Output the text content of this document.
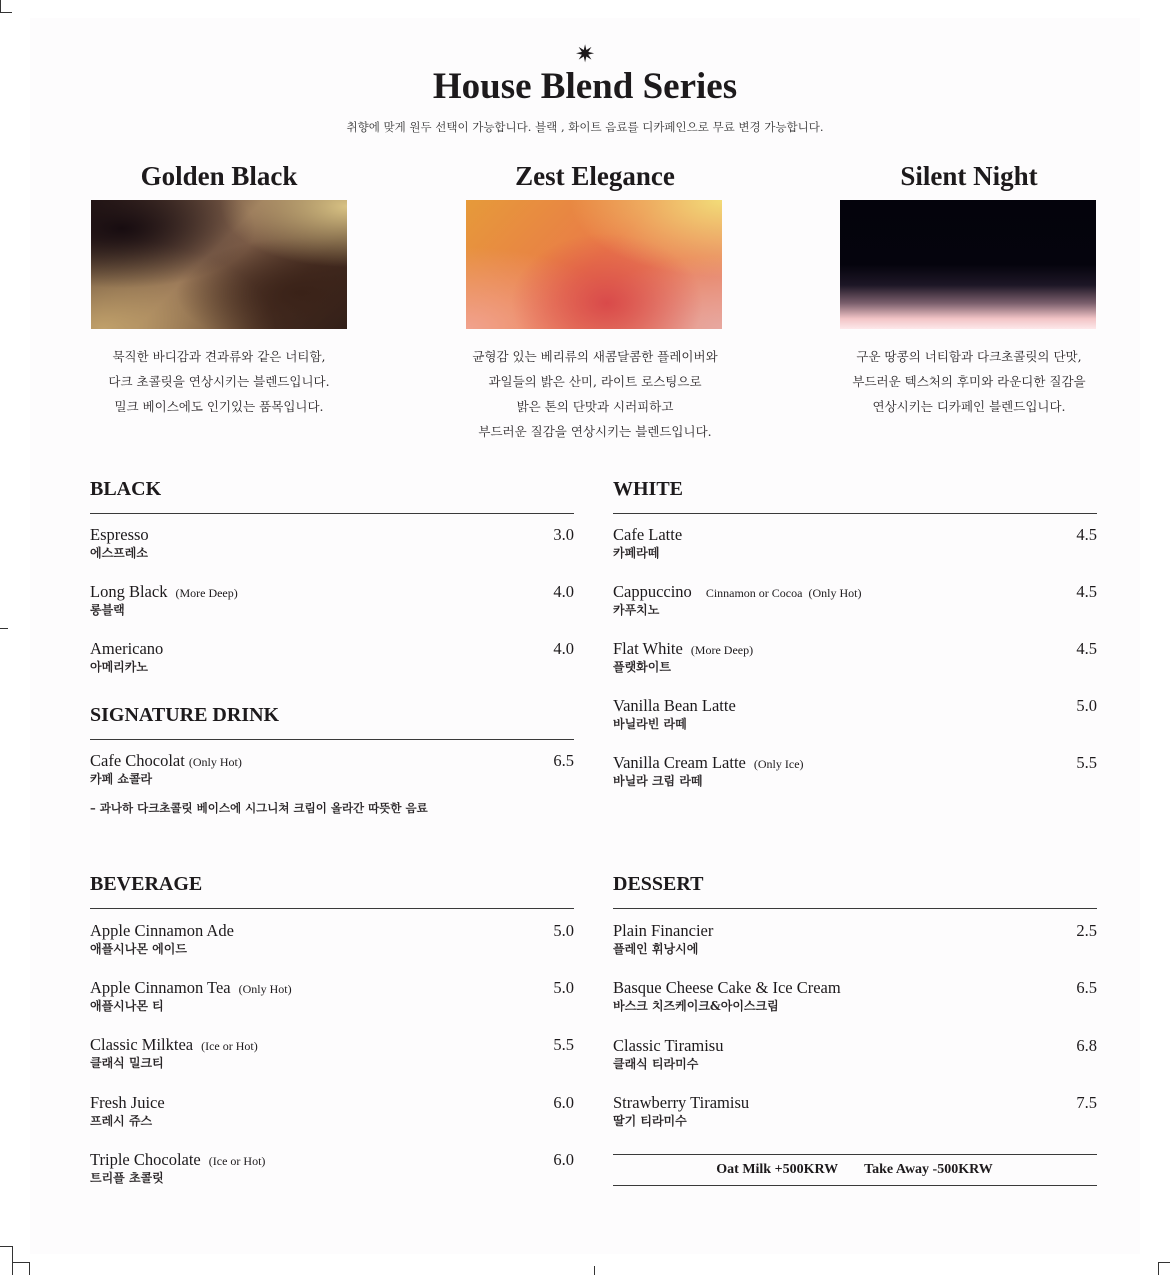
✷
House Blend Series
취향에 맞게 원두 선택이 가능합니다. 블랙 , 화이트 음료를 디카페인으로 무료 변경 가능합니다.
Golden Black	Zest Elegance	Silent Night
묵직한 바디감과 견과류와 같은 너티함,
다크 초콜릿을 연상시키는 블렌드입니다.
밀크 베이스에도 인기있는 품목입니다.
균형감 있는 베리류의 새콤달콤한 플레이버와
과일들의 밝은 산미, 라이트 로스팅으로
밝은 톤의 단맛과 시러피하고
부드러운 질감을 연상시키는 블렌드입니다.
구운 땅콩의 너티함과 다크초콜릿의 단맛,
부드러운 텍스처의 후미와 라운디한 질감을
연상시키는 디카페인 블렌드입니다.
BLACK
Espresso
에스프레소
3.0
Long Black (More Deep)
롱블랙
4.0
Americano
아메리카노
4.0
SIGNATURE DRINK
Cafe Chocolat (Only Hot)
카페 쇼콜라
6.5
– 과나하 다크초콜릿 베이스에 시그니쳐 크림이 올라간 따뜻한 음료
WHITE
Cafe Latte
카페라떼
4.5
Cappuccino Cinnamon or Cocoa  (Only Hot)
카푸치노
4.5
Flat White (More Deep)
플랫화이트
4.5
Vanilla Bean Latte
바닐라빈 라떼
5.0
Vanilla Cream Latte (Only Ice)
바닐라 크림 라떼
5.5
BEVERAGE
Apple Cinnamon Ade
애플시나몬 에이드
5.0
Apple Cinnamon Tea (Only Hot)
애플시나몬 티
5.0
Classic Milktea (Ice or Hot)
클래식 밀크티
5.5
Fresh Juice
프레시 쥬스
6.0
Triple Chocolate (Ice or Hot)
트리플 초콜릿
6.0
DESSERT
Plain Financier
플레인 휘낭시에
2.5
Basque Cheese Cake & Ice Cream
바스크 치즈케이크&아이스크림
6.5
Classic Tiramisu
클래식 티라미수
6.8
Strawberry Tiramisu
딸기 티라미수
7.5
Oat Milk +500KRW Take Away -500KRW
